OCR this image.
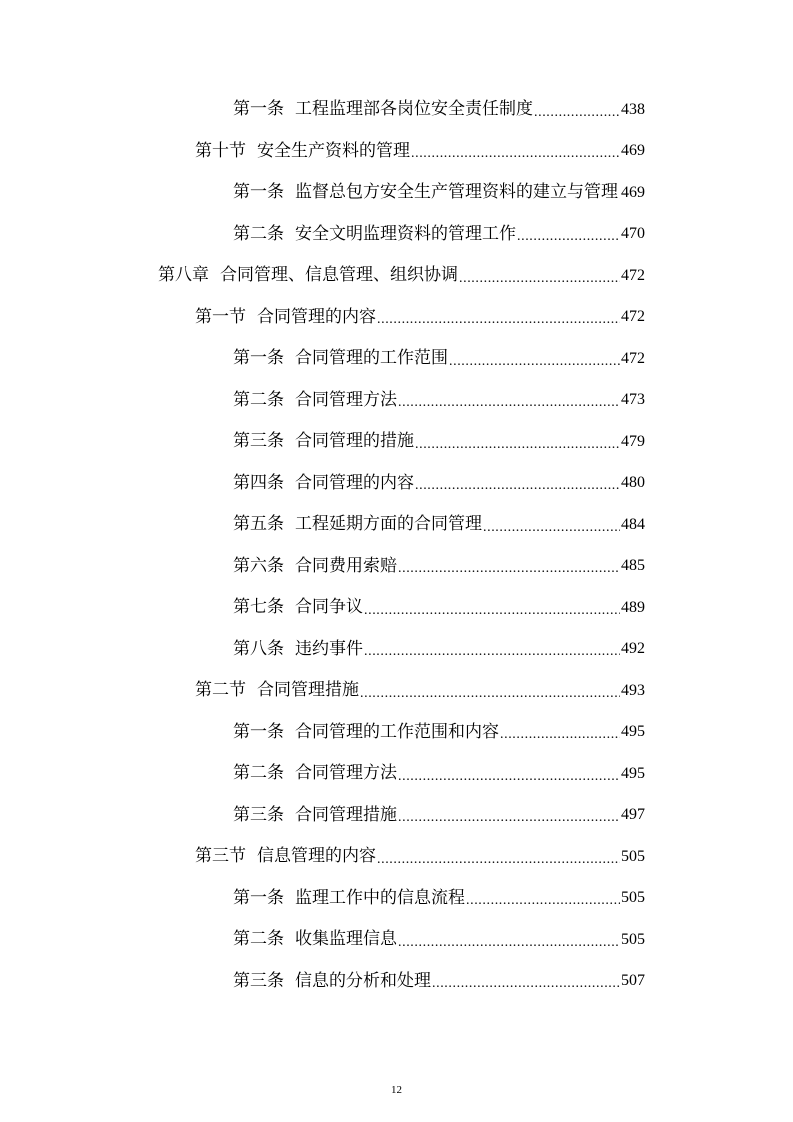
第一条 工程监理部各岗位安全责任制度 .....	438
第十节 安全生产资料的管理 .....	469
第一条 监督总包方安全生产管理资料的建立与管理 ..... 469
第二条 安全文明监理资料的管理工作 .....	470
第八章 合同管理、信息管理、组织协调 .....	472
第一节 合同管理的内容 .....	472
第一条 合同管理的工作范围 .....	472
第二条 合同管理方法 .....	473
第三条 合同管理的措施 .....	479
第四条 合同管理的内容 .....	480
第五条 工程延期方面的合同管理 .....	484
第六条 合同费用索赔 .....	485
第七条 合同争议 .....	489
第八条 违约事件 .....	492
第二节 合同管理措施 .....	493
第一条 合同管理的工作范围和内容 .....	495
第二条 合同管理方法 .....	495
第三条 合同管理措施 .....	497
第三节 信息管理的内容 .....	505
第一条 监理工作中的信息流程 .....	505
第二条 收集监理信息 .....	505
第三条 信息的分析和处理 .....	507
12
